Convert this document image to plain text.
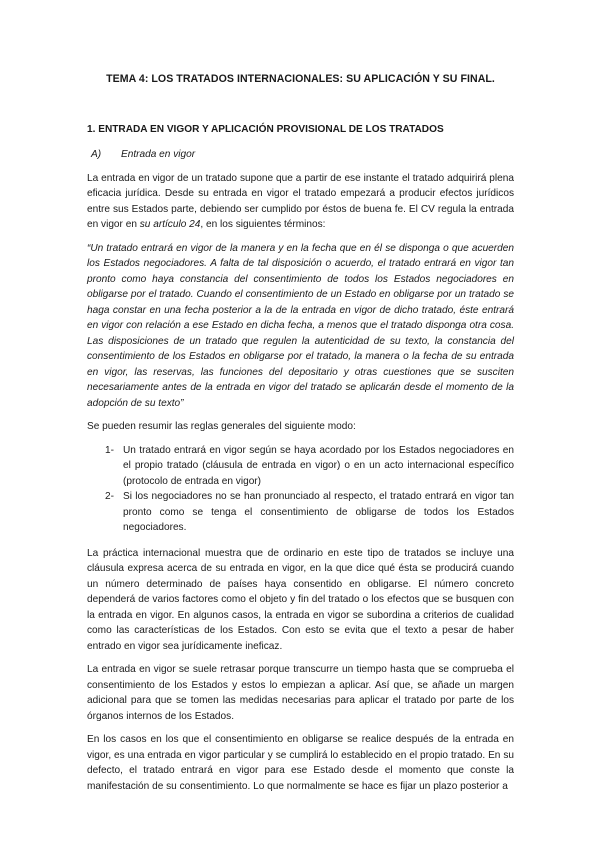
TEMA 4: LOS TRATADOS INTERNACIONALES: SU APLICACIÓN Y SU FINAL.
1. ENTRADA EN VIGOR Y APLICACIÓN PROVISIONAL DE LOS TRATADOS
A) Entrada en vigor

La entrada en vigor de un tratado supone que a partir de ese instante el tratado adquirirá plena eficacia jurídica. Desde su entrada en vigor el tratado empezará a producir efectos jurídicos entre sus Estados parte, debiendo ser cumplido por éstos de buena fe. El CV regula la entrada en vigor en su artículo 24, en los siguientes términos:

“Un tratado entrará en vigor de la manera y en la fecha que en él se disponga o que acuerden los Estados negociadores. A falta de tal disposición o acuerdo, el tratado entrará en vigor tan pronto como haya constancia del consentimiento de todos los Estados negociadores en obligarse por el tratado. Cuando el consentimiento de un Estado en obligarse por un tratado se haga constar en una fecha posterior a la de la entrada en vigor de dicho tratado, éste entrará en vigor con relación a ese Estado en dicha fecha, a menos que el tratado disponga otra cosa. Las disposiciones de un tratado que regulen la autenticidad de su texto, la constancia del consentimiento de los Estados en obligarse por el tratado, la manera o la fecha de su entrada en vigor, las reservas, las funciones del depositario y otras cuestiones que se susciten necesariamente antes de la entrada en vigor del tratado se aplicarán desde el momento de la adopción de su texto”

Se pueden resumir las reglas generales del siguiente modo:

1- Un tratado entrará en vigor según se haya acordado por los Estados negociadores en el propio tratado (cláusula de entrada en vigor) o en un acto internacional específico (protocolo de entrada en vigor)
2- Si los negociadores no se han pronunciado al respecto, el tratado entrará en vigor tan pronto como se tenga el consentimiento de obligarse de todos los Estados negociadores.

La práctica internacional muestra que de ordinario en este tipo de tratados se incluye una cláusula expresa acerca de su entrada en vigor, en la que dice qué ésta se producirá cuando un número determinado de países haya consentido en obligarse. El número concreto dependerá de varios factores como el objeto y fin del tratado o los efectos que se busquen con la entrada en vigor. En algunos casos, la entrada en vigor se subordina a criterios de cualidad como las características de los Estados. Con esto se evita que el texto a pesar de haber entrado en vigor sea jurídicamente ineficaz.

La entrada en vigor se suele retrasar porque transcurre un tiempo hasta que se comprueba el consentimiento de los Estados y estos lo empiezan a aplicar. Así que, se añade un margen adicional para que se tomen las medidas necesarias para aplicar el tratado por parte de los órganos internos de los Estados.

En los casos en los que el consentimiento en obligarse se realice después de la entrada en vigor, es una entrada en vigor particular y se cumplirá lo establecido en el propio tratado. En su defecto, el tratado entrará en vigor para ese Estado desde el momento que conste la manifestación de su consentimiento. Lo que normalmente se hace es fijar un plazo posterior a
